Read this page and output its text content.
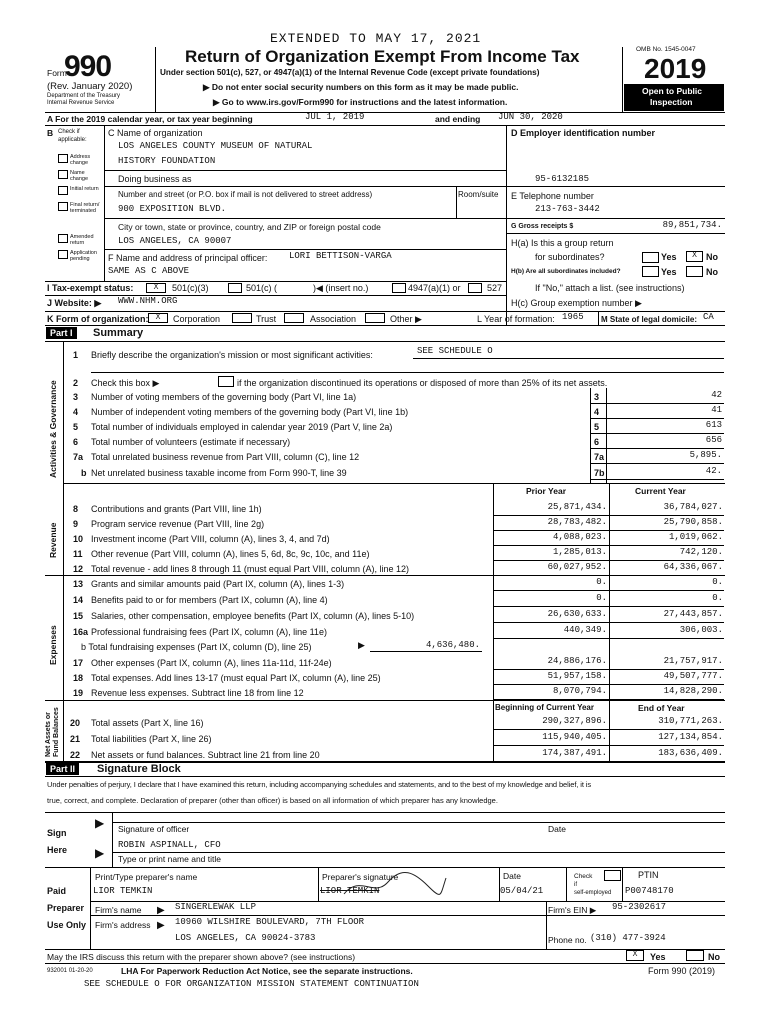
EXTENDED TO MAY 17, 2021
Form
990
(Rev. January 2020)
Department of the Treasury
Internal Revenue Service
Return of Organization Exempt From Income Tax
Under section 501(c), 527, or 4947(a)(1) of the Internal Revenue Code (except private foundations)
▶ Do not enter social security numbers on this form as it may be made public.
▶ Go to www.irs.gov/Form990 for instructions and the latest information.
OMB No. 1545-0047
2019
Open to Public
Inspection
A For the 2019 calendar year, or tax year beginning	JUL 1, 2019	and ending JUN 30, 2020
B Check if
applicable:
Address change
Name change
Initial return
Final return/ terminated
Amended return
Application pending
C Name of organization
LOS ANGELES COUNTY MUSEUM OF NATURAL
HISTORY FOUNDATION
Doing business as
Number and street (or P.O. box if mail is not delivered to street address)	Room/suite
900 EXPOSITION BLVD.
City or town, state or province, country, and ZIP or foreign postal code
LOS ANGELES, CA 90007
F Name and address of principal officer: LORI BETTISON-VARGA
SAME AS C ABOVE
D Employer identification number
95-6132185
E Telephone number
213-763-3442
G Gross receipts $	89,851,734.
H(a) Is this a group return
for subordinates?	Yes	X	No
H(b) Are all subordinates included?	Yes	No
If "No," attach a list. (see instructions)
I Tax-exempt status:	X	501(c)(3)	501(c) (	)◀ (insert no.)	4947(a)(1) or	527
J Website: ▶ WWW.NHM.ORG	H(c) Group exemption number ▶
K Form of organization: X	Corporation	Trust	Association	Other ▶	L Year of formation: 1965 M State of legal domicile: CA
Part I	Summary
Activities & Governance
Revenue
Expenses
Net Assets or Fund Balances
1 Briefly describe the organization's mission or most significant activities:	SEE SCHEDULE O
2 Check this box ▶	if the organization discontinued its operations or disposed of more than 25% of its net assets.
3 Number of voting members of the governing body (Part VI, line 1a)	3	42
4 Number of independent voting members of the governing body (Part VI, line 1b)	4	41
5 Total number of individuals employed in calendar year 2019 (Part V, line 2a)	5	613
6 Total number of volunteers (estimate if necessary)	6	656
7a Total unrelated business revenue from Part VIII, column (C), line 12	7a	5,895.
b Net unrelated business taxable income from Form 990-T, line 39	7b	42.
Prior Year	Current Year
8 Contributions and grants (Part VIII, line 1h)	25,871,434.	36,784,027.
9 Program service revenue (Part VIII, line 2g)	28,783,482.	25,790,858.
10 Investment income (Part VIII, column (A), lines 3, 4, and 7d)	4,088,023.	1,019,062.
11 Other revenue (Part VIII, column (A), lines 5, 6d, 8c, 9c, 10c, and 11e)	1,285,013.	742,120.
12 Total revenue - add lines 8 through 11 (must equal Part VIII, column (A), line 12)	60,027,952.	64,336,067.
13 Grants and similar amounts paid (Part IX, column (A), lines 1-3)	0.	0.
14 Benefits paid to or for members (Part IX, column (A), line 4)	0.	0.
15 Salaries, other compensation, employee benefits (Part IX, column (A), lines 5-10)	26,630,633.	27,443,857.
16a Professional fundraising fees (Part IX, column (A), line 11e)	440,349.	306,003.
b Total fundraising expenses (Part IX, column (D), line 25)	▶	4,636,480.
17 Other expenses (Part IX, column (A), lines 11a-11d, 11f-24e)	24,886,176.	21,757,917.
18 Total expenses. Add lines 13-17 (must equal Part IX, column (A), line 25)	51,957,158.	49,507,777.
19 Revenue less expenses. Subtract line 18 from line 12	8,070,794.	14,828,290.
Beginning of Current Year	End of Year
20 Total assets (Part X, line 16)	290,327,896.	310,771,263.
21 Total liabilities (Part X, line 26)	115,940,405.	127,134,854.
22 Net assets or fund balances. Subtract line 21 from line 20	174,387,491.	183,636,409.
Part II	Signature Block
Under penalties of perjury, I declare that I have examined this return, including accompanying schedules and statements, and to the best of my knowledge and belief, it is
true, correct, and complete. Declaration of preparer (other than officer) is based on all information of which preparer has any knowledge.
Sign
Here
▶
▶
Signature of officer	Date
ROBIN ASPINALL, CFO
Type or print name and title
Paid
Preparer
Use Only
Print/Type preparer's name
LIOR TEMKIN
Preparer's signature
LIOR TEMKIN
Date
05/04/21
Check
if
self-employed
PTIN
P00748170
Firm's name ▶ SINGERLEWAK LLP	Firm's EIN ▶ 95-2302617
Firm's address ▶ 10960 WILSHIRE BOULEVARD, 7TH FLOOR
LOS ANGELES, CA 90024-3783	Phone no. (310) 477-3924
May the IRS discuss this return with the preparer shown above? (see instructions)	X	Yes	No
932001 01-20-20	LHA For Paperwork Reduction Act Notice, see the separate instructions.	Form 990 (2019)
SEE SCHEDULE O FOR ORGANIZATION MISSION STATEMENT CONTINUATION
